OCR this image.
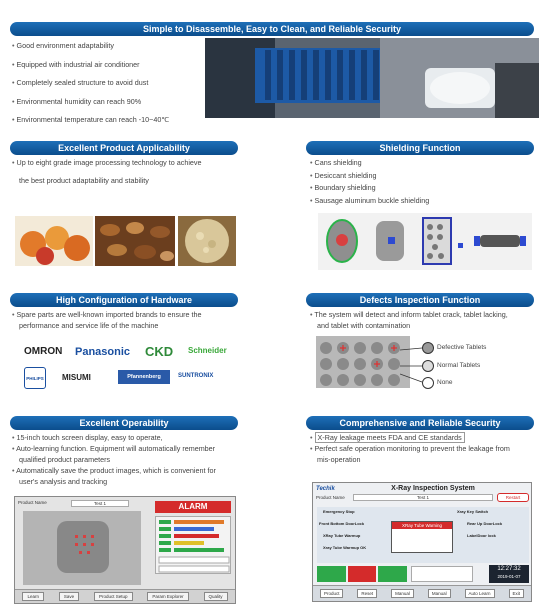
Simple to Disassemble, Easy to Clean, and Reliable Security
• Good environment adaptability
• Equipped with industrial air conditioner
• Completely sealed structure to avoid dust
• Environmental humidity can reach 90%
• Environmental temperature can reach -10~40℃
Excellent Product Applicability
• Up to eight grade image processing technology to achieve
the best product adaptability and stability
Shielding Function
• Cans shielding
• Desiccant shielding
• Boundary shielding
• Sausage aluminum buckle shielding
High Configuration of Hardware
• Spare parts are well-known imported brands to ensure the
performance and service life of the machine
OMRON Panasonic CKD Schneider
PHILIPS MISUMI	Pfannenberg	SUNTRONIX
Defects Inspection Function
• The system will detect and inform tablet crack, tablet lacking,
and tablet with contamination
Defective Tablets
Normal Tablets
None
Excellent Operability
• 15-inch touch screen display, easy to operate,
• Auto-learning function. Equipment will automatically remember
qualified product parameters
• Automatically save the product images, which is convenient for
user's analysis and tracking
Product Name	Test 1	ALARM
Learn	Save	Product Setup	Param Explorer	Quality
Comprehensive and Reliable Security
• X-Ray leakage meets FDA and CE standards
• Perfect safe operation monitoring to prevent the leakage from
mis-operation
Techik	X-Ray Inspection System
Product Name	Test 1	Restart
Emergency Stop	Xray Key Switch
Front Bottom DoorLock	Rear Up DoorLock
XRay Tube Warmup	LabelDoor lock
Xray Tube Warmup OK
XRay Tube Warning
12:27:32
2019-01-07
Product	Reset	Manual	Manual	Auto Learn	Exit
